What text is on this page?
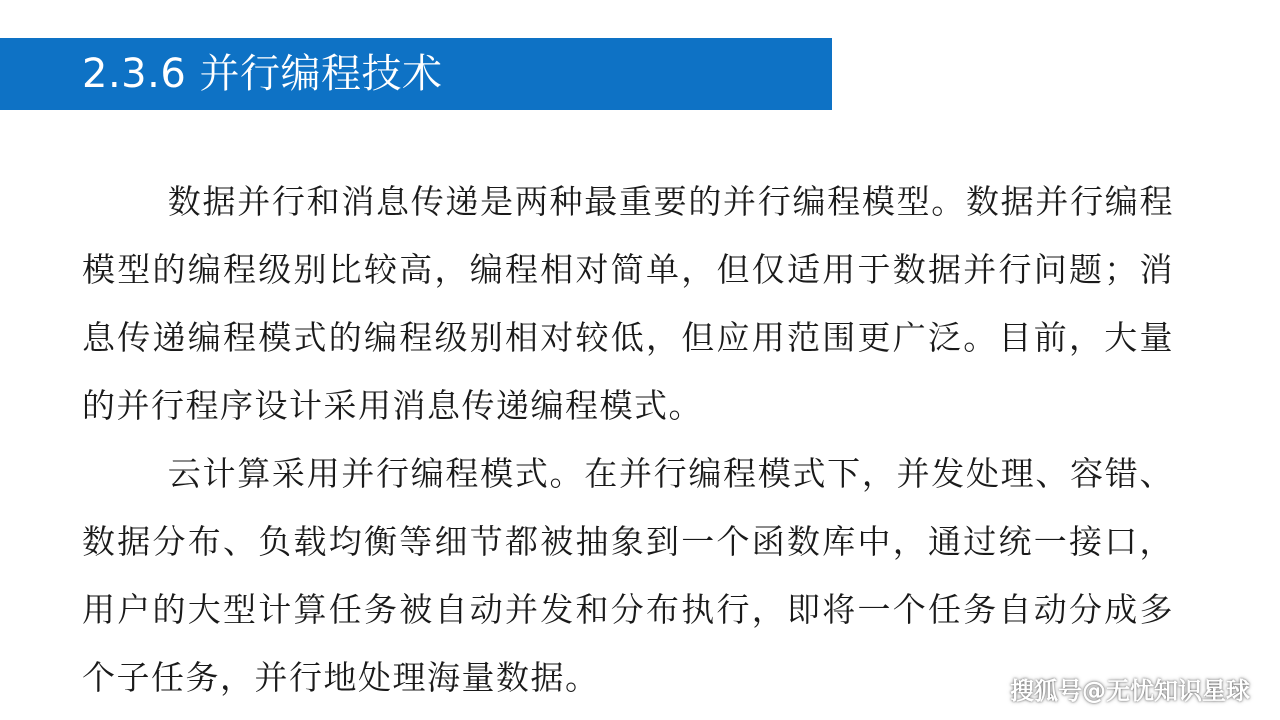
2.3.6 并行编程技术

数据并行和消息传递是两种最重要的并行编程模型。数据并行编程模型的编程级别比较高，编程相对简单，但仅适用于数据并行问题；消息传递编程模式的编程级别相对较低，但应用范围更广泛。目前，大量的并行程序设计采用消息传递编程模式。

云计算采用并行编程模式。在并行编程模式下，并发处理、容错、数据分布、负载均衡等细节都被抽象到一个函数库中，通过统一接口，用户的大型计算任务被自动并发和分布执行，即将一个任务自动分成多个子任务，并行地处理海量数据。	搜狐号@无忧知识星球
